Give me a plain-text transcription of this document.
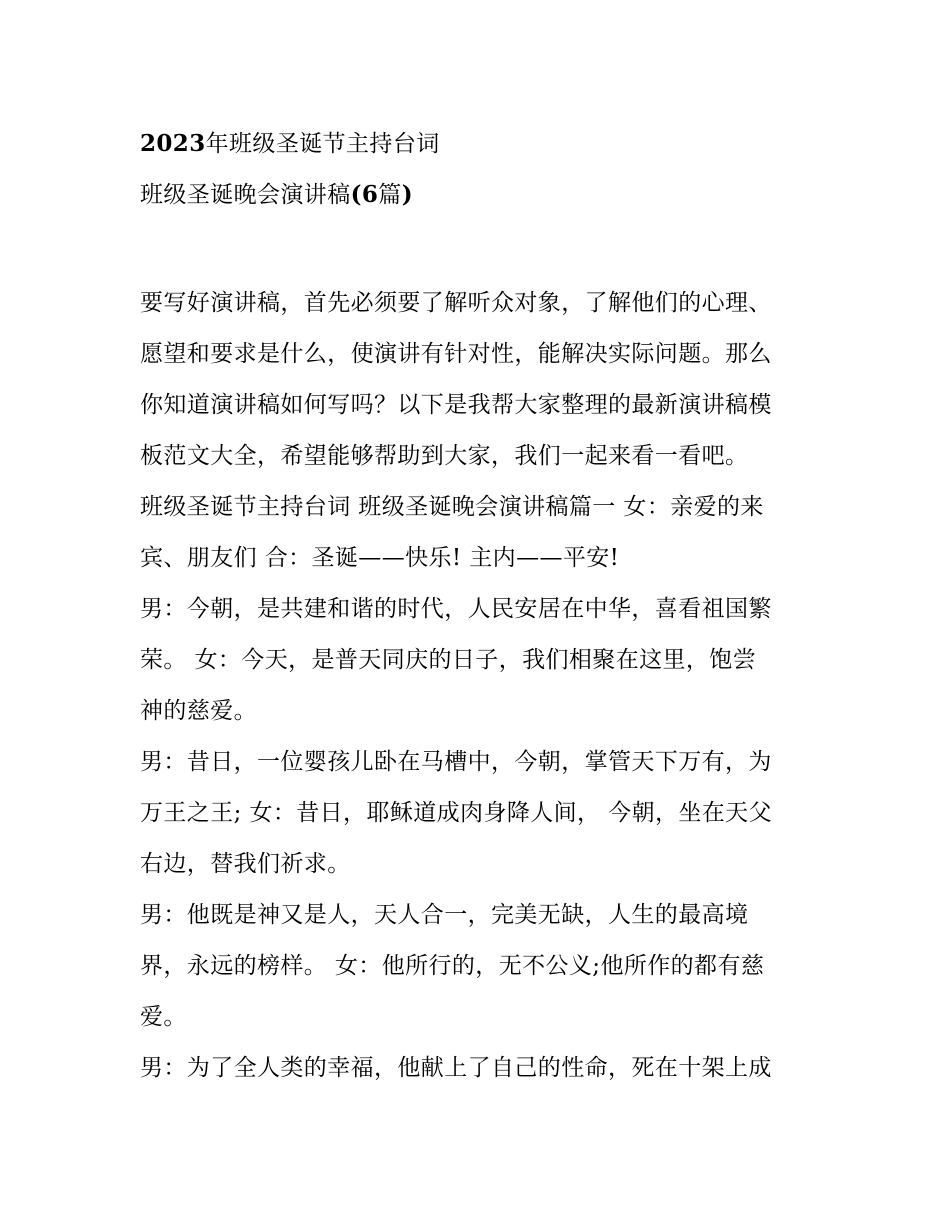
2023年班级圣诞节主持台词
班级圣诞晚会演讲稿(6篇)
要写好演讲稿，首先必须要了解听众对象，了解他们的心理、
愿望和要求是什么，使演讲有针对性，能解决实际问题。那么
你知道演讲稿如何写吗？以下是我帮大家整理的最新演讲稿模
板范文大全，希望能够帮助到大家，我们一起来看一看吧。
班级圣诞节主持台词 班级圣诞晚会演讲稿篇一 女：亲爱的来
宾、朋友们 合：圣诞——快乐! 主内——平安!
男：今朝，是共建和谐的时代，人民安居在中华，喜看祖国繁
荣。 女：今天，是普天同庆的日子，我们相聚在这里，饱尝
神的慈爱。
男：昔日，一位婴孩儿卧在马槽中，今朝，掌管天下万有，为
万王之王; 女：昔日，耶稣道成肉身降人间， 今朝，坐在天父
右边，替我们祈求。
男：他既是神又是人，天人合一，完美无缺，人生的最高境
界，永远的榜样。 女：他所行的，无不公义;他所作的都有慈
爱。
男：为了全人类的幸福，他献上了自己的性命，死在十架上成
